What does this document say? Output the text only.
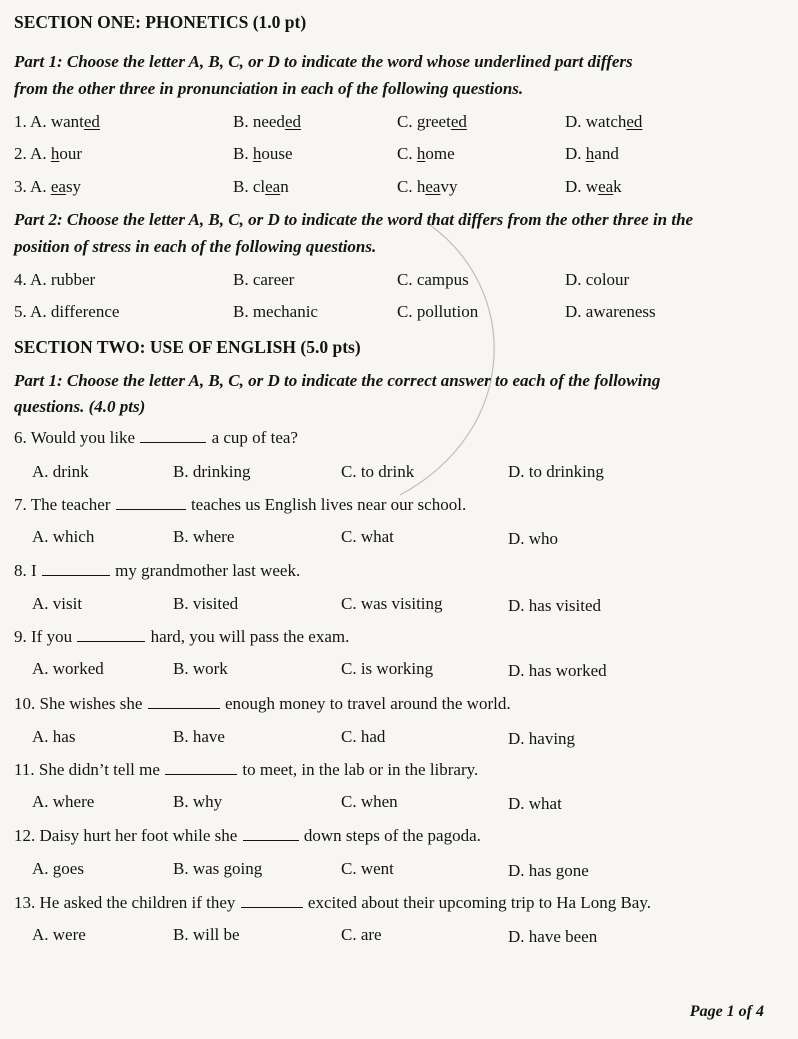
SECTION ONE: PHONETICS (1.0 pt)
Part 1: Choose the letter A, B, C, or D to indicate the word whose underlined part differs
from the other three in pronunciation in each of the following questions.
1. A. wanted	B. needed	C. greeted	D. watched
2. A. hour	B. house	C. home	D. hand
3. A. easy	B. clean	C. heavy	D. weak
Part 2: Choose the letter A, B, C, or D to indicate the word that differs from the other three in the
position of stress in each of the following questions.
4. A. rubber	B. career	C. campus	D. colour
5. A. difference	B. mechanic	C. pollution	D. awareness
SECTION TWO: USE OF ENGLISH (5.0 pts)
Part 1: Choose the letter A, B, C, or D to indicate the correct answer to each of the following
questions. (4.0 pts)
6. Would you like	a cup of tea?
A. drink	B. drinking	C. to drink	D. to drinking
7. The teacher	teaches us English lives near our school.
A. which	B. where	C. what	D. who
8. I	my grandmother last week.
A. visit	B. visited	C. was visiting	D. has visited
9. If you	hard, you will pass the exam.
A. worked	B. work	C. is working	D. has worked
10. She wishes she	enough money to travel around the world.
A. has	B. have	C. had	D. having
11. She didn’t tell me	to meet, in the lab or in the library.
A. where	B. why	C. when	D. what
12. Daisy hurt her foot while she	down steps of the pagoda.
A. goes	B. was going	C. went	D. has gone
13. He asked the children if they	excited about their upcoming trip to Ha Long Bay.
A. were	B. will be	C. are	D. have been
Page 1 of 4
